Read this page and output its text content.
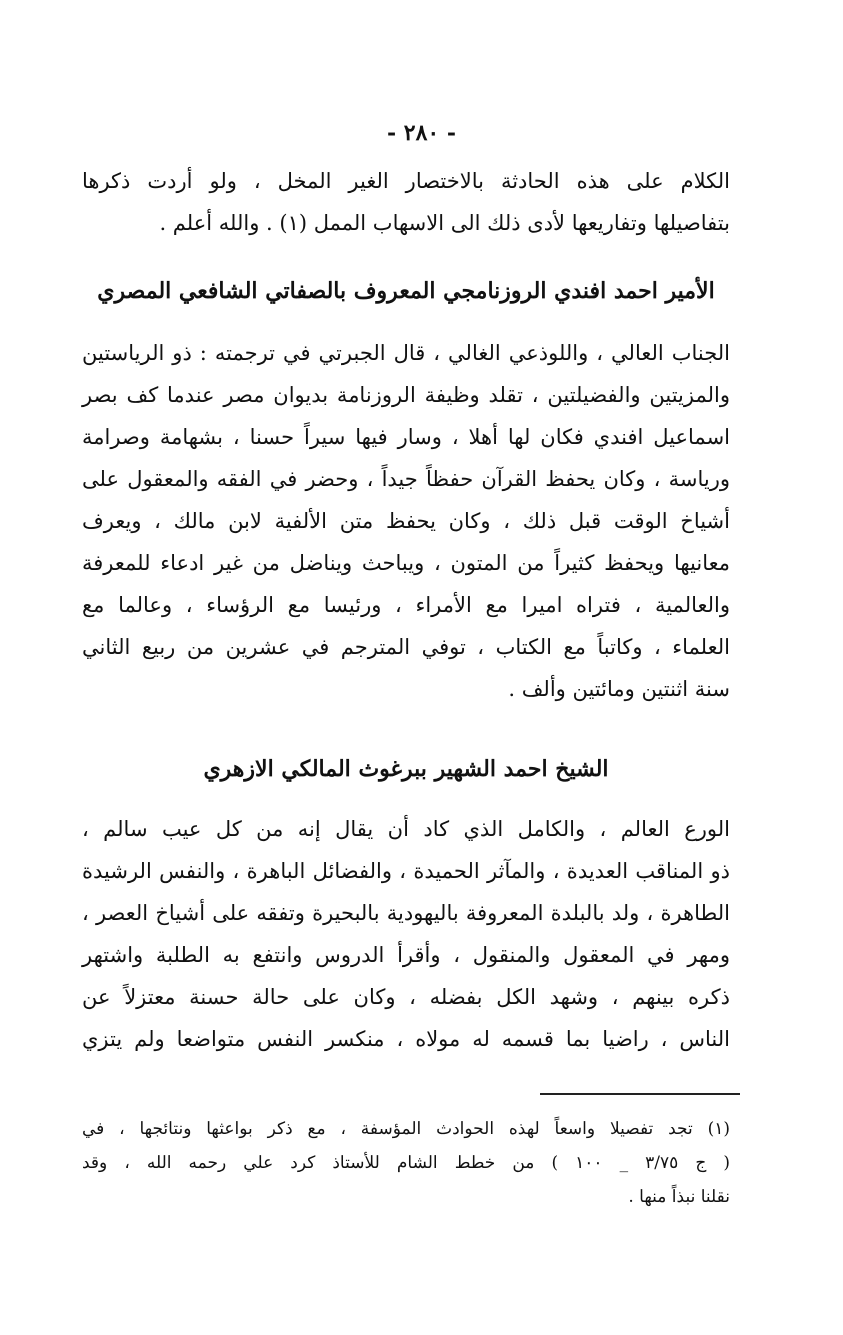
- ٢٨٠ -
الكلام على هذه الحادثة بالاختصار الغير المخل ، ولو أردت ذكرها
بتفاصيلها وتفاريعها لأدى ذلك الى الاسهاب الممل (١) . والله أعلم .
الأمير احمد افندي الروزنامجي المعروف بالصفاتي الشافعي المصري
الجناب العالي ، واللوذعي الغالي ، قال الجبرتي في ترجمته : ذو الرياستين
والمزيتين والفضيلتين ، تقلد وظيفة الروزنامة بديوان مصر عندما كف بصر
اسماعيل افندي فكان لها أهلا ، وسار فيها سيراً حسنا ، بشهامة وصرامة
ورياسة ، وكان يحفظ القرآن حفظاً جيداً ، وحضر في الفقه والمعقول على
أشياخ الوقت قبل ذلك ، وكان يحفظ متن الألفية لابن مالك ، ويعرف
معانيها ويحفظ كثيراً من المتون ، ويباحث ويناضل من غير ادعاء للمعرفة
والعالمية ، فتراه اميرا مع الأمراء ، ورئيسا مع الرؤساء ، وعالما مع
العلماء ، وكاتباً مع الكتاب ، توفي المترجم في عشرين من ربيع الثاني
سنة اثنتين ومائتين وألف .
الشيخ احمد الشهير ببرغوث المالكي الازهري
الورع العالم ، والكامل الذي كاد أن يقال إنه من كل عيب سالم ،
ذو المناقب العديدة ، والمآثر الحميدة ، والفضائل الباهرة ، والنفس الرشيدة
الطاهرة ، ولد بالبلدة المعروفة باليهودية بالبحيرة وتفقه على أشياخ العصر ،
ومهر في المعقول والمنقول ، وأقرأ الدروس وانتفع به الطلبة واشتهر
ذكره بينهم ، وشهد الكل بفضله ، وكان على حالة حسنة معتزلاً عن
الناس ، راضيا بما قسمه له مولاه ، منكسر النفس متواضعا ولم يتزي
(١) تجد تفصيلا واسعاً لهذه الحوادث المؤسفة ، مع ذكر بواعثها ونتائجها ، في
( ج ٣/٧٥ _ ١٠٠ ) من خطط الشام للأستاذ كرد علي رحمه الله ، وقد
نقلنا نبذاً منها .
